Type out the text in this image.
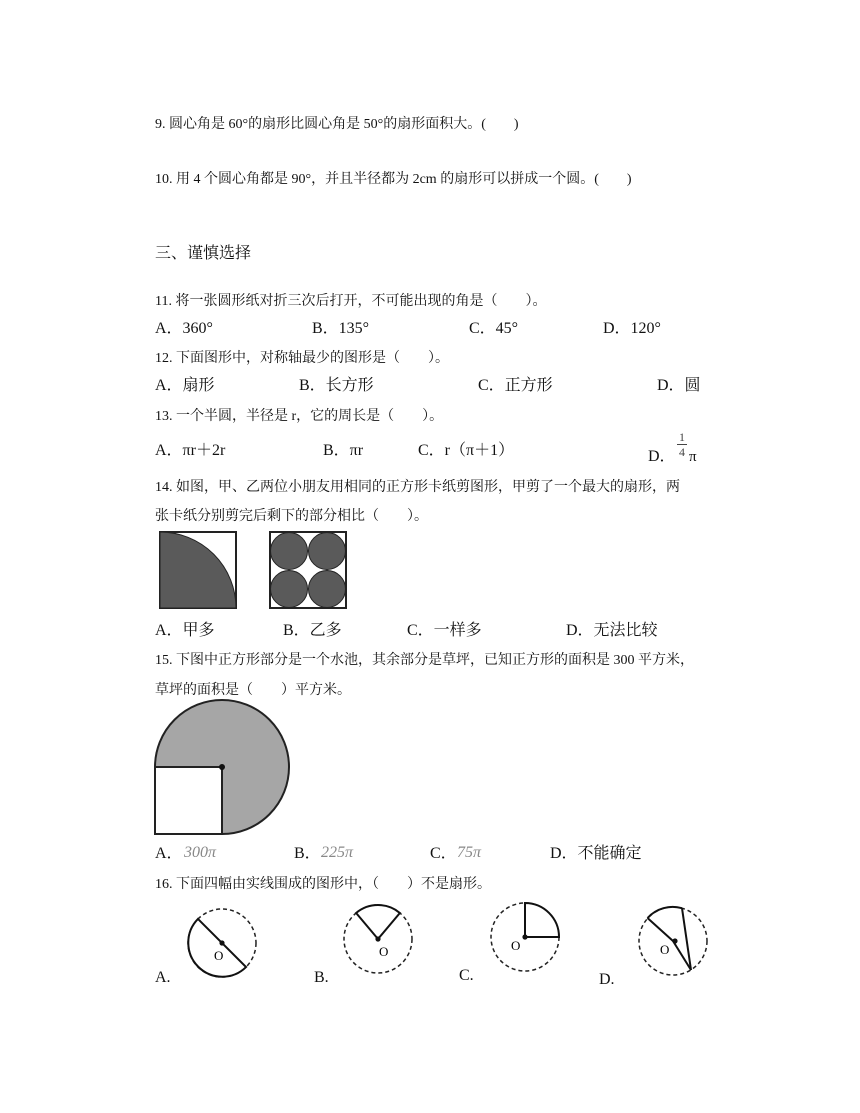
9. 圆心角是 60°的扇形比圆心角是 50°的扇形面积大。(　　)
10. 用 4 个圆心角都是 90°，并且半径都为 2cm 的扇形可以拼成一个圆。(　　)
三、谨慎选择
11. 将一张圆形纸对折三次后打开，不可能出现的角是（　　）。
A．360°	B．135°	C．45°	D．120°
12. 下面图形中，对称轴最少的图形是（　　）。
A．扇形	B．长方形	C．正方形	D．圆
13. 一个半圆，半径是 r，它的周长是（　　）。
A．πr＋2r	B．πr	C．r（π＋1）	D．
1
4 π
14. 如图，甲、乙两位小朋友用相同的正方形卡纸剪图形，甲剪了一个最大的扇形，两
张卡纸分别剪完后剩下的部分相比（　　）。
A．甲多	B．乙多	C．一样多	D．无法比较
15. 下图中正方形部分是一个水池，其余部分是草坪，已知正方形的面积是 300 平方米，
草坪的面积是（　　）平方米。
A． 300π	B． 225π	C． 75π	D．不能确定
16. 下面四幅由实线围成的图形中，（　　）不是扇形。
O
A.
O
B.
O
C.
O
D.
